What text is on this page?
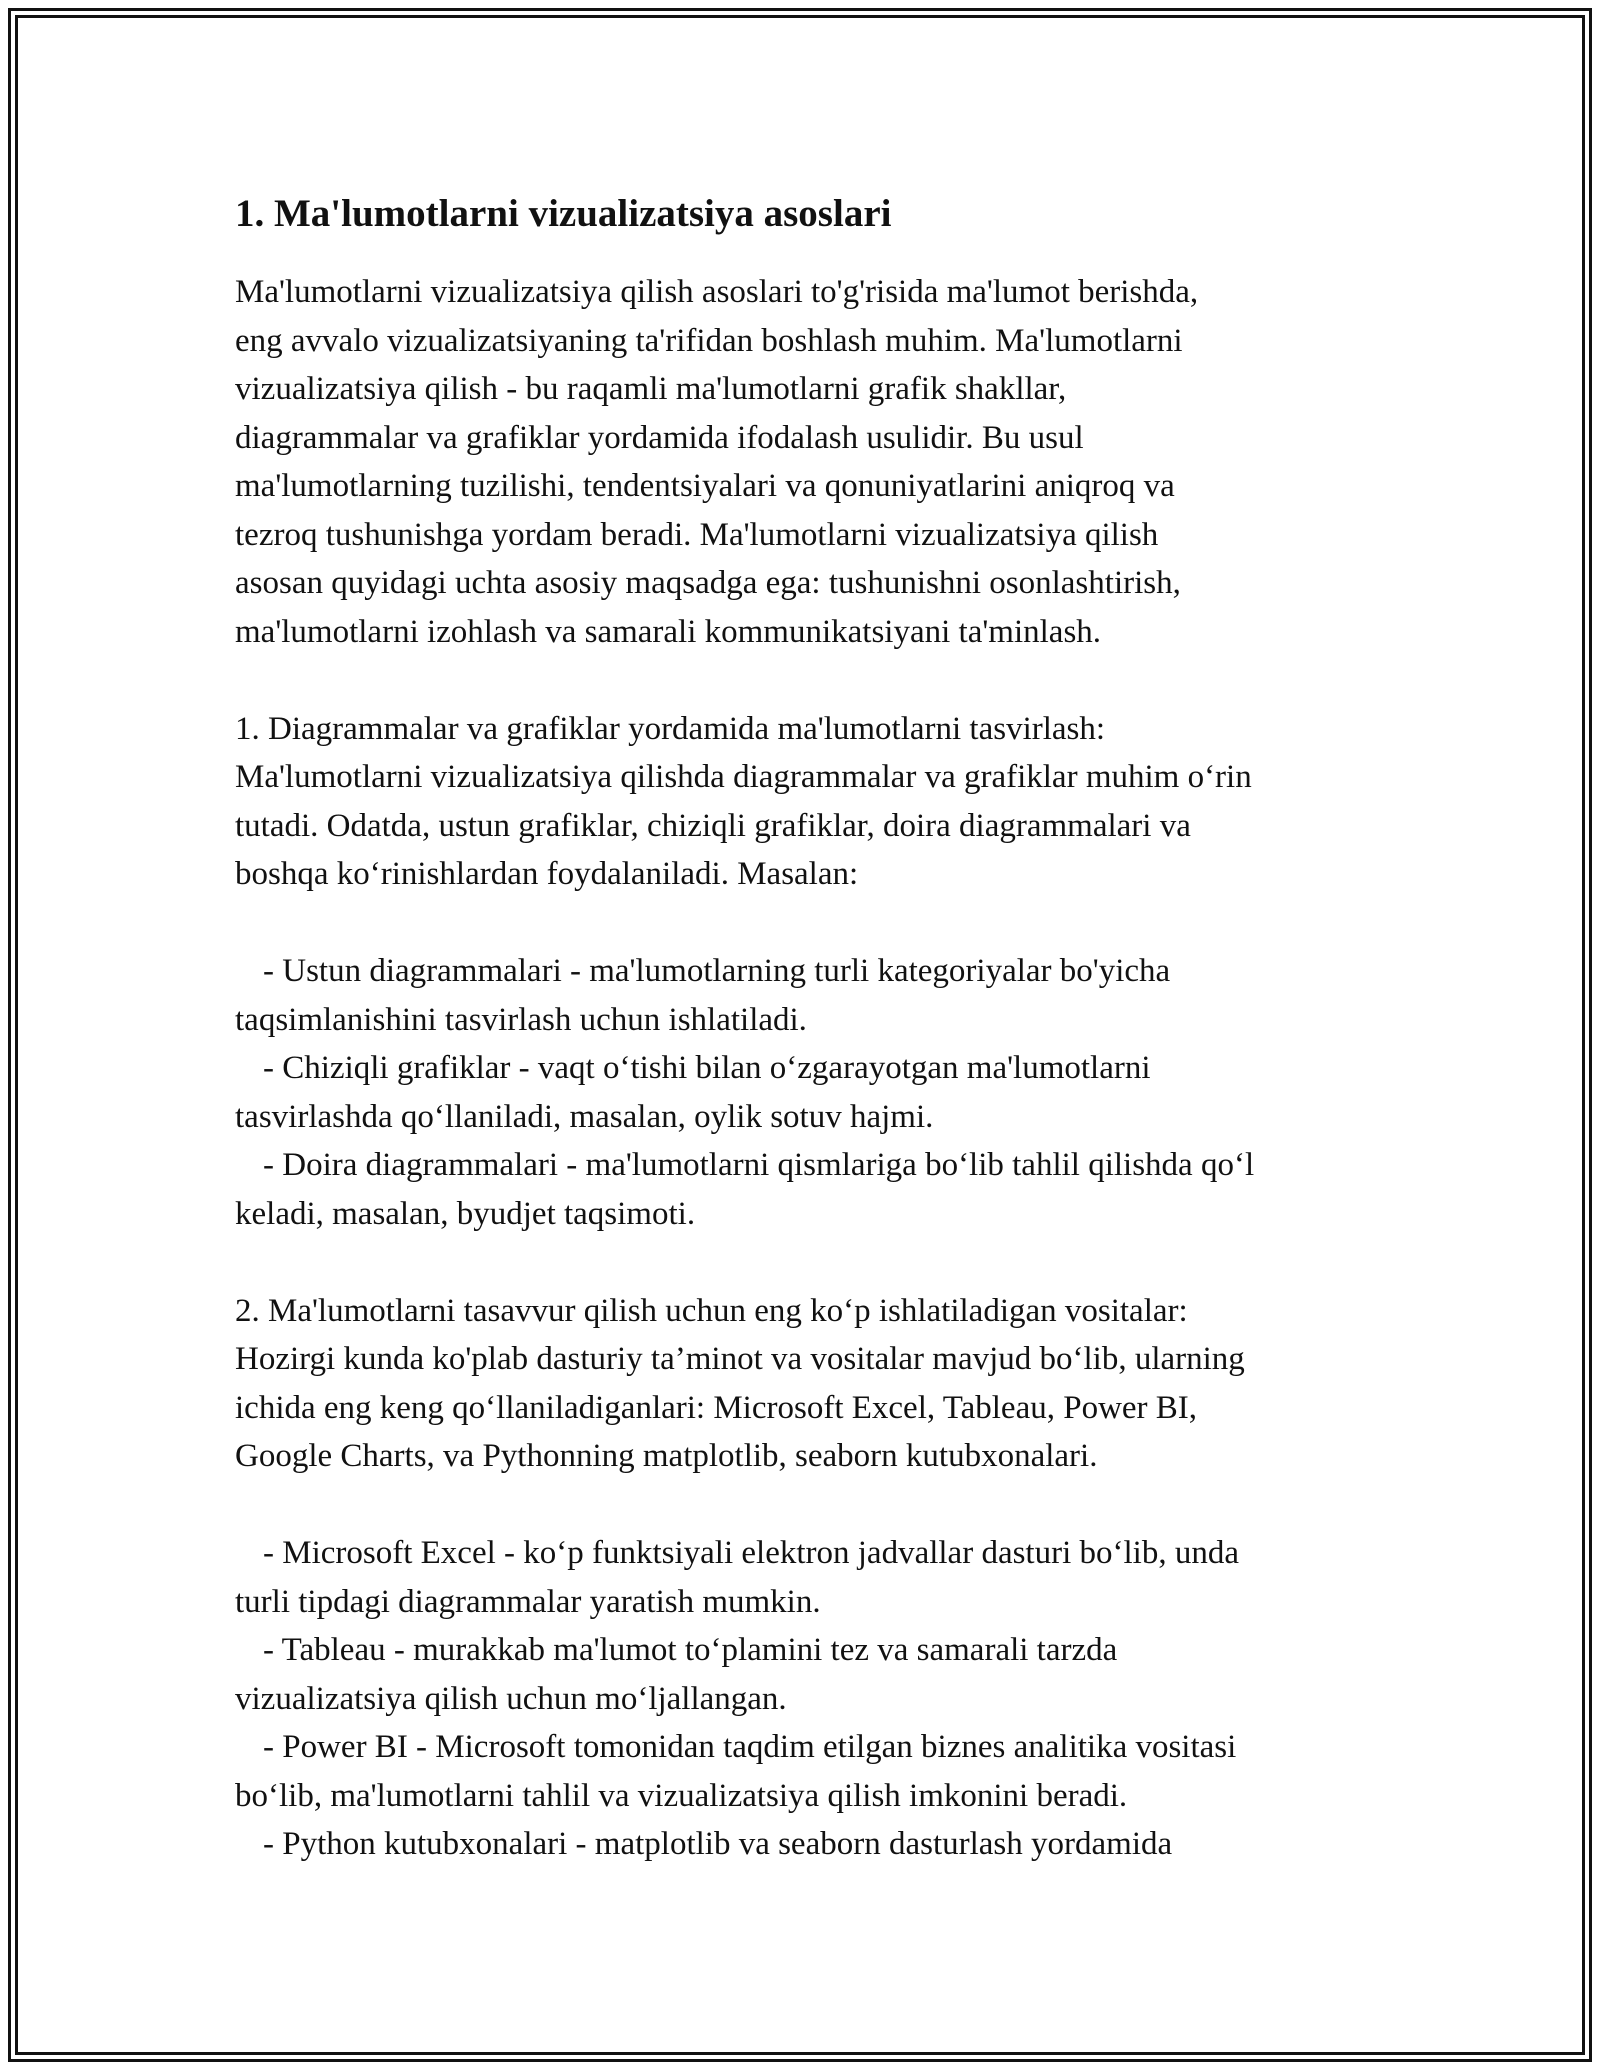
1. Ma'lumotlarni vizualizatsiya asoslari
Ma'lumotlarni vizualizatsiya qilish asoslari to'g'risida ma'lumot berishda,
eng avvalo vizualizatsiyaning ta'rifidan boshlash muhim. Ma'lumotlarni
vizualizatsiya qilish - bu raqamli ma'lumotlarni grafik shakllar,
diagrammalar va grafiklar yordamida ifodalash usulidir. Bu usul
ma'lumotlarning tuzilishi, tendentsiyalari va qonuniyatlarini aniqroq va
tezroq tushunishga yordam beradi. Ma'lumotlarni vizualizatsiya qilish
asosan quyidagi uchta asosiy maqsadga ega: tushunishni osonlashtirish,
ma'lumotlarni izohlash va samarali kommunikatsiyani ta'minlash.
1. Diagrammalar va grafiklar yordamida ma'lumotlarni tasvirlash:
Ma'lumotlarni vizualizatsiya qilishda diagrammalar va grafiklar muhim o‘rin
tutadi. Odatda, ustun grafiklar, chiziqli grafiklar, doira diagrammalari va
boshqa ko‘rinishlardan foydalaniladi. Masalan:
- Ustun diagrammalari - ma'lumotlarning turli kategoriyalar bo'yicha
taqsimlanishini tasvirlash uchun ishlatiladi.
- Chiziqli grafiklar - vaqt o‘tishi bilan o‘zgarayotgan ma'lumotlarni
tasvirlashda qo‘llaniladi, masalan, oylik sotuv hajmi.
- Doira diagrammalari - ma'lumotlarni qismlariga bo‘lib tahlil qilishda qo‘l
keladi, masalan, byudjet taqsimoti.
2. Ma'lumotlarni tasavvur qilish uchun eng ko‘p ishlatiladigan vositalar:
Hozirgi kunda ko'plab dasturiy ta’minot va vositalar mavjud bo‘lib, ularning
ichida eng keng qo‘llaniladiganlari: Microsoft Excel, Tableau, Power BI,
Google Charts, va Pythonning matplotlib, seaborn kutubxonalari.
- Microsoft Excel - ko‘p funktsiyali elektron jadvallar dasturi bo‘lib, unda
turli tipdagi diagrammalar yaratish mumkin.
- Tableau - murakkab ma'lumot to‘plamini tez va samarali tarzda
vizualizatsiya qilish uchun mo‘ljallangan.
- Power BI - Microsoft tomonidan taqdim etilgan biznes analitika vositasi
bo‘lib, ma'lumotlarni tahlil va vizualizatsiya qilish imkonini beradi.
- Python kutubxonalari - matplotlib va seaborn dasturlash yordamida
